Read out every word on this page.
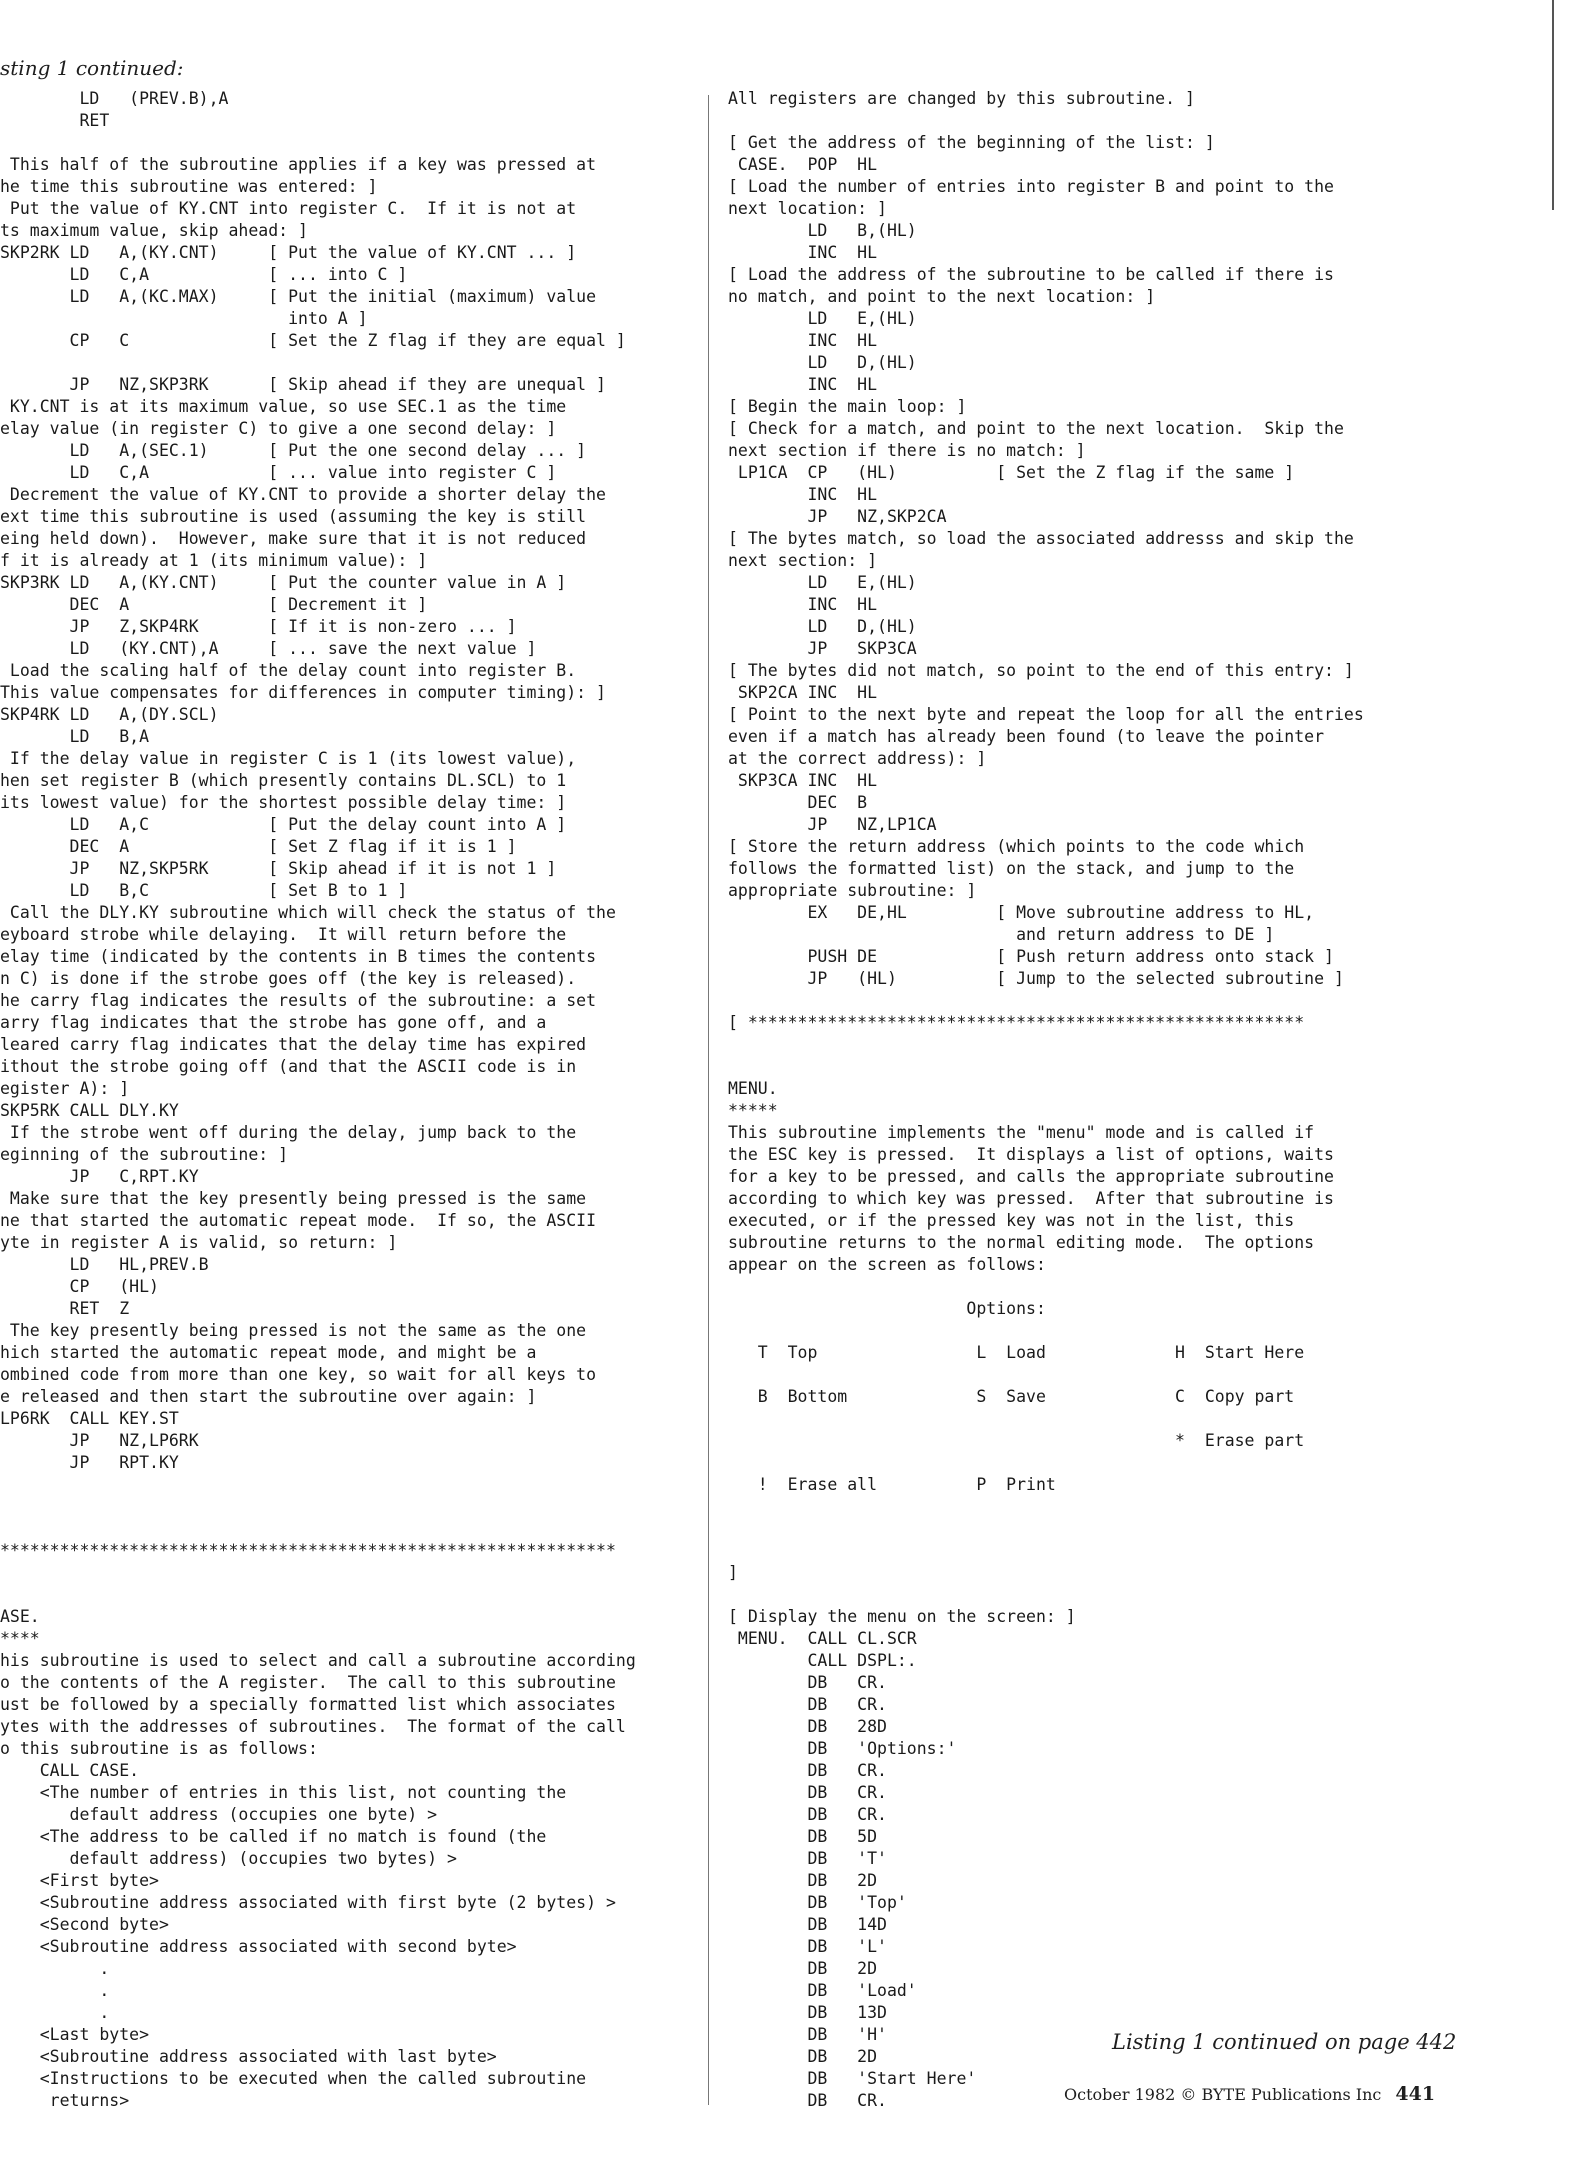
sting 1 continued:
LD   (PREV.B),A
RET

This half of the subroutine applies if a key was pressed at
he time this subroutine was entered: ]
Put the value of KY.CNT into register C.  If it is not at
ts maximum value, skip ahead: ]
SKP2RK LD   A,(KY.CNT)     [ Put the value of KY.CNT ... ]
LD   C,A            [ ... into C ]
LD   A,(KC.MAX)     [ Put the initial (maximum) value
into A ]
CP   C              [ Set the Z flag if they are equal ]

JP   NZ,SKP3RK      [ Skip ahead if they are unequal ]
KY.CNT is at its maximum value, so use SEC.1 as the time
elay value (in register C) to give a one second delay: ]
LD   A,(SEC.1)      [ Put the one second delay ... ]
LD   C,A            [ ... value into register C ]
Decrement the value of KY.CNT to provide a shorter delay the
ext time this subroutine is used (assuming the key is still
eing held down).  However, make sure that it is not reduced
f it is already at 1 (its minimum value): ]
SKP3RK LD   A,(KY.CNT)     [ Put the counter value in A ]
DEC  A              [ Decrement it ]
JP   Z,SKP4RK       [ If it is non-zero ... ]
LD   (KY.CNT),A     [ ... save the next value ]
Load the scaling half of the delay count into register B.
This value compensates for differences in computer timing): ]
SKP4RK LD   A,(DY.SCL)
LD   B,A
If the delay value in register C is 1 (its lowest value),
hen set register B (which presently contains DL.SCL) to 1
its lowest value) for the shortest possible delay time: ]
LD   A,C            [ Put the delay count into A ]
DEC  A              [ Set Z flag if it is 1 ]
JP   NZ,SKP5RK      [ Skip ahead if it is not 1 ]
LD   B,C            [ Set B to 1 ]
Call the DLY.KY subroutine which will check the status of the
eyboard strobe while delaying.  It will return before the
elay time (indicated by the contents in B times the contents
n C) is done if the strobe goes off (the key is released).
he carry flag indicates the results of the subroutine: a set
arry flag indicates that the strobe has gone off, and a
leared carry flag indicates that the delay time has expired
ithout the strobe going off (and that the ASCII code is in
egister A): ]
SKP5RK CALL DLY.KY
If the strobe went off during the delay, jump back to the
eginning of the subroutine: ]
JP   C,RPT.KY
Make sure that the key presently being pressed is the same
ne that started the automatic repeat mode.  If so, the ASCII
yte in register A is valid, so return: ]
LD   HL,PREV.B
CP   (HL)
RET  Z
The key presently being pressed is not the same as the one
hich started the automatic repeat mode, and might be a
ombined code from more than one key, so wait for all keys to
e released and then start the subroutine over again: ]
LP6RK  CALL KEY.ST
JP   NZ,LP6RK
JP   RPT.KY

**************************************************************

ASE.
****
his subroutine is used to select and call a subroutine according
o the contents of the A register.  The call to this subroutine
ust be followed by a specially formatted list which associates
ytes with the addresses of subroutines.  The format of the call
o this subroutine is as follows:
CALL CASE.
<The number of entries in this list, not counting the
default address (occupies one byte) >
<The address to be called if no match is found (the
default address) (occupies two bytes) >
<First byte>
<Subroutine address associated with first byte (2 bytes) >
<Second byte>
<Subroutine address associated with second byte>
.
.
.
<Last byte>
<Subroutine address associated with last byte>
<Instructions to be executed when the called subroutine
returns>

All registers are changed by this subroutine. ]

[ Get the address of the beginning of the list: ]
CASE.  POP  HL
[ Load the number of entries into register B and point to the
next location: ]
LD   B,(HL)
INC  HL
[ Load the address of the subroutine to be called if there is
no match, and point to the next location: ]
LD   E,(HL)
INC  HL
LD   D,(HL)
INC  HL
[ Begin the main loop: ]
[ Check for a match, and point to the next location.  Skip the
next section if there is no match: ]
LP1CA  CP   (HL)          [ Set the Z flag if the same ]
INC  HL
JP   NZ,SKP2CA
[ The bytes match, so load the associated addresss and skip the
next section: ]
LD   E,(HL)
INC  HL
LD   D,(HL)
JP   SKP3CA
[ The bytes did not match, so point to the end of this entry: ]
SKP2CA INC  HL
[ Point to the next byte and repeat the loop for all the entries
even if a match has already been found (to leave the pointer
at the correct address): ]
SKP3CA INC  HL
DEC  B
JP   NZ,LP1CA
[ Store the return address (which points to the code which
follows the formatted list) on the stack, and jump to the
appropriate subroutine: ]
EX   DE,HL         [ Move subroutine address to HL,
and return address to DE ]
PUSH DE            [ Push return address onto stack ]
JP   (HL)          [ Jump to the selected subroutine ]

[ ********************************************************

MENU.
*****
This subroutine implements the "menu" mode and is called if
the ESC key is pressed.  It displays a list of options, waits
for a key to be pressed, and calls the appropriate subroutine
according to which key was pressed.  After that subroutine is
executed, or if the pressed key was not in the list, this
subroutine returns to the normal editing mode.  The options
appear on the screen as follows:

Options:

T  Top                L  Load             H  Start Here

B  Bottom             S  Save             C  Copy part

*  Erase part

!  Erase all          P  Print

]

[ Display the menu on the screen: ]
MENU.  CALL CL.SCR
CALL DSPL:.
DB   CR.
DB   CR.
DB   28D
DB   'Options:'
DB   CR.
DB   CR.
DB   CR.
DB   5D
DB   'T'
DB   2D
DB   'Top'
DB   14D
DB   'L'
DB   2D
DB   'Load'
DB   13D
DB   'H'
DB   2D
DB   'Start Here'
DB   CR.

Listing 1 continued on page 442
October 1982 © BYTE Publications Inc 441
